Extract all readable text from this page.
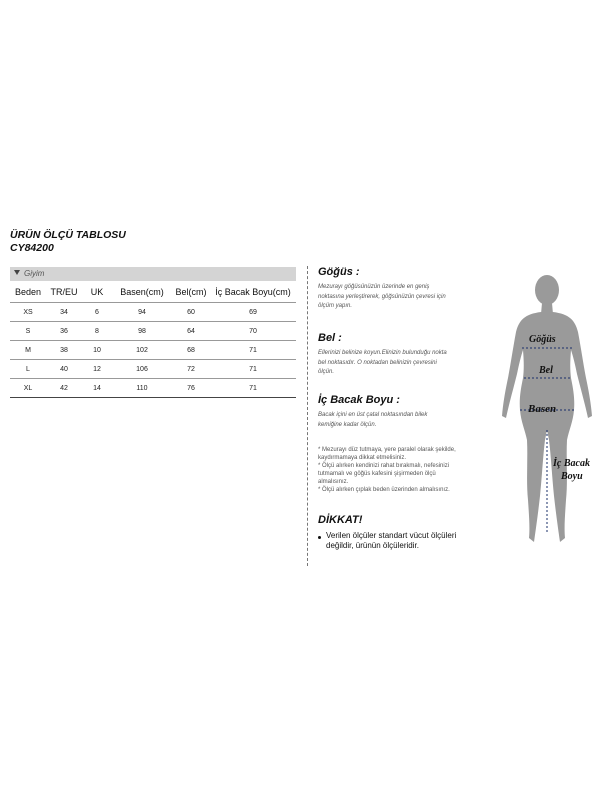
ÜRÜN ÖLÇÜ TABLOSU
CY84200
Giyim
Beden	TR/EU	UK	Basen(cm)	Bel(cm)	İç Bacak Boyu(cm)
XS	34	6	94	60	69
S	36	8	98	64	70
M	38	10	102	68	71
L	40	12	106	72	71
XL	42	14	110	76	71

Göğüs :

Mezurayı göğüsünüzün üzerinde en geniş

noktasına yerleştirerek, göğsünüzün çevresi için

ölçüm yapın.

Bel :

Ellerinizi belinize koyun.Elinizin bulunduğu nokta

bel noktasıdır. O noktadan belinizin çevresini

ölçün.

İç Bacak Boyu :

Bacak içini en üst çatal noktasından bilek

kemiğine kadar ölçün.

* Mezurayı düz tutmaya, yere paralel olarak şekilde,
kaydırmamaya dikkat etmelisiniz.
* Ölçü alırken kendinizi rahat bırakmalı, nefesinizi
tutmamalı ve göğüs kafesini şişirmeden ölçü
almalısınız.
* Ölçü alırken çıplak beden üzerinden almalısınız.

DİKKAT!

Verilen ölçüler standart vücut ölçüleri
değildir, ürünün ölçüleridir.
Göğüs
Bel
Basen
İç Bacak
Boyu
